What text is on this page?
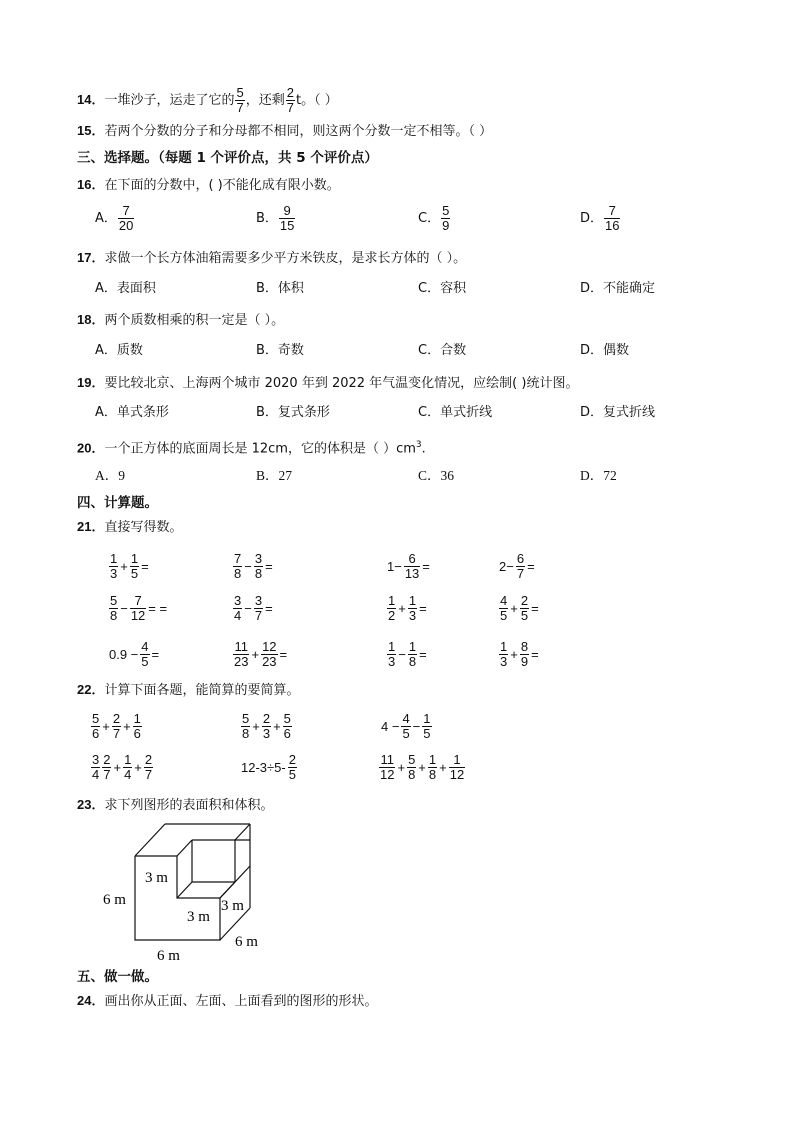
14．一堆沙子，运走了它的 $\frac{5}{7}$ ，还剩 $\frac{2}{7}$ t。（ ）
15．若两个分数的分子和分母都不相同，则这两个分数一定不相等。（ ）
三、选择题。（每题 1 个评价点，共 5 个评价点）
16．在下面的分数中，( )不能化成有限小数。
A． $\frac{7}{20}$	B． $\frac{9}{15}$	C． $\frac{5}{9}$	D． $\frac{7}{16}$
17．求做一个长方体油箱需要多少平方米铁皮，是求长方体的（ ）。
A．表面积	B．体积	C．容积	D．不能确定
18．两个质数相乘的积一定是（ ）。
A．质数	B．奇数	C．合数	D．偶数
19．要比较北京、上海两个城市 2020 年到 2022 年气温变化情况，应绘制( )统计图。
A．单式条形	B．复式条形	C．单式折线	D．复式折线
20．一个正方体的底面周长是 12cm，它的体积是（ ）$cm^3$.
A．9	B．27	C．36	D．72
四、计算题。
21．直接写得数。
$\frac{1}{3} + \frac{1}{5}$ =	$\frac{7}{8} - \frac{3}{8}$ =	$1- \frac{6}{13}$ =	$2- \frac{6}{7}$ =
$\frac{5}{8} - \frac{7}{12}$ = =	$\frac{3}{4} - \frac{3}{7}$ =	$\frac{1}{2} + \frac{1}{3}$ =	$\frac{4}{5} + \frac{2}{5}$ =
$0.9 - \frac{4}{5}$ =	$\frac{11}{23} + \frac{12}{23}$ =	$\frac{1}{3} - \frac{1}{8}$ =	$\frac{1}{3} + \frac{8}{9}$ =
22．计算下面各题，能简算的要简算。
$\frac{5}{6} + \frac{2}{7} + \frac{1}{6}$	$\frac{5}{8} + \frac{2}{3} + \frac{5}{6}$	$4 - \frac{4}{5} - \frac{1}{5}$
$\frac{3}{4} \frac{2}{7} + \frac{1}{4} + \frac{2}{7}$	$12-3\div 5- \frac{2}{5}$	$\frac{11}{12} + \frac{5}{8} + \frac{1}{8} + \frac{1}{12}$
23．求下列图形的表面积和体积。
6 m
3 m
3 m
3 m
6 m
6 m
五、做一做。
24．画出你从正面、左面、上面看到的图形的形状。
